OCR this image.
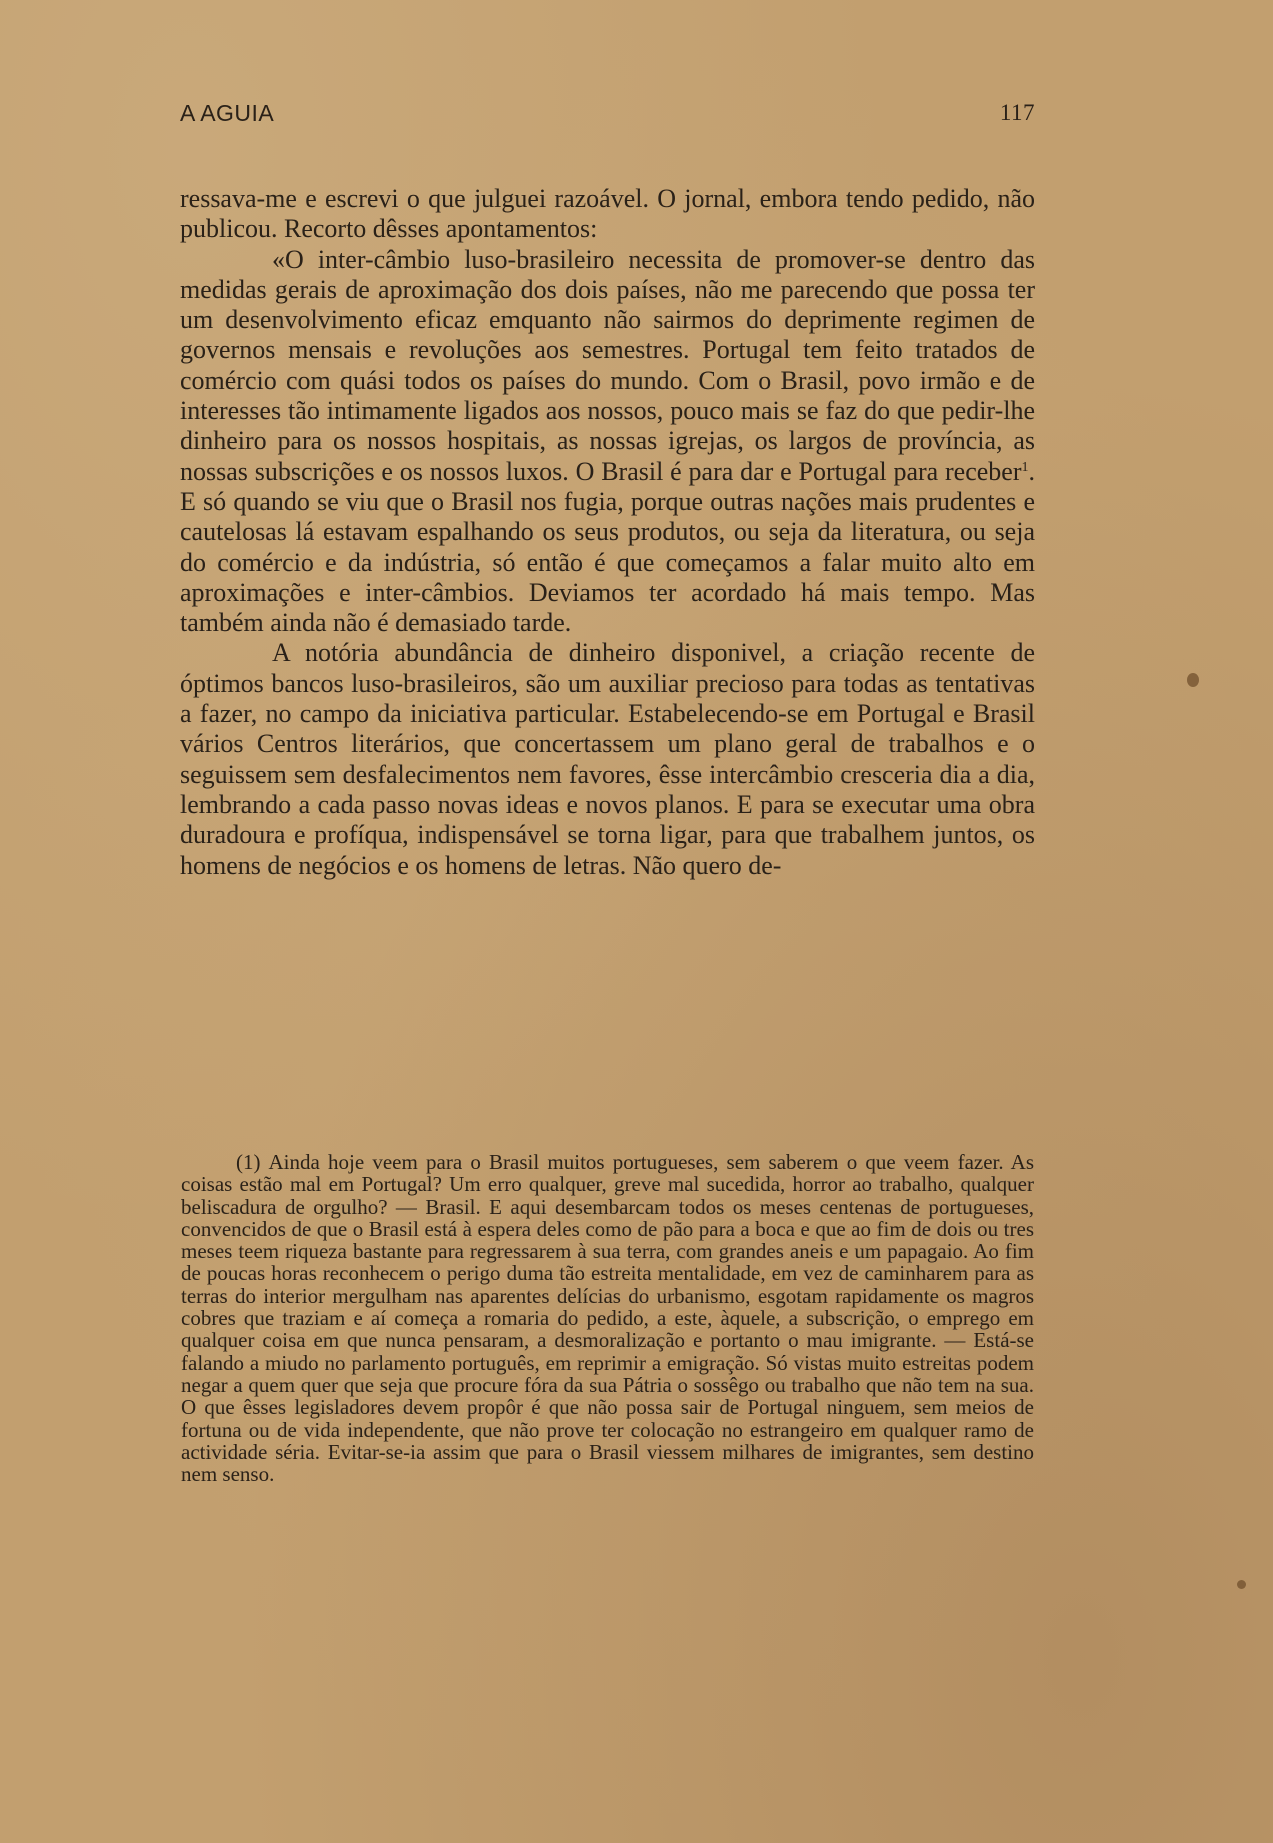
A AGUIA	117

ressava-me e escrevi o que julguei razoável. O jornal, embora tendo pedido, não publicou. Recorto dêsses apontamentos:

«O inter-câmbio luso-brasileiro necessita de promover-se dentro das medidas gerais de aproximação dos dois países, não me parecendo que possa ter um desenvolvimento eficaz emquanto não sairmos do deprimente regimen de governos mensais e revoluções aos semestres. Portugal tem feito tratados de comércio com quási todos os países do mundo. Com o Brasil, povo irmão e de interesses tão intimamente ligados aos nossos, pouco mais se faz do que pedir-lhe dinheiro para os nossos hospitais, as nossas igrejas, os largos de província, as nossas subscrições e os nossos luxos. O Brasil é para dar e Portugal para receber$^1$. E só quando se viu que o Brasil nos fugia, porque outras nações mais prudentes e cautelosas lá estavam espalhando os seus produtos, ou seja da literatura, ou seja do comércio e da indústria, só então é que começamos a falar muito alto em aproximações e inter-câmbios. Deviamos ter acordado há mais tempo. Mas também ainda não é demasiado tarde.

A notória abundância de dinheiro disponivel, a criação recente de óptimos bancos luso-brasileiros, são um auxiliar precioso para todas as tentativas a fazer, no campo da iniciativa particular. Estabelecendo-se em Portugal e Brasil vários Centros literários, que concertassem um plano geral de trabalhos e o seguissem sem desfalecimentos nem favores, êsse intercâmbio cresceria dia a dia, lembrando a cada passo novas ideas e novos planos. E para se executar uma obra duradoura e profíqua, indispensável se torna ligar, para que trabalhem juntos, os homens de negócios e os homens de letras. Não quero de-

(1) Ainda hoje veem para o Brasil muitos portugueses, sem saberem o que veem fazer. As coisas estão mal em Portugal? Um erro qualquer, greve mal sucedida, horror ao trabalho, qualquer beliscadura de orgulho? — Brasil. E aqui desembarcam todos os meses centenas de portugueses, convencidos de que o Brasil está à espera deles como de pão para a boca e que ao fim de dois ou tres meses teem riqueza bastante para regressarem à sua terra, com grandes aneis e um papagaio. Ao fim de poucas horas reconhecem o perigo duma tão estreita mentalidade, em vez de caminharem para as terras do interior mergulham nas aparentes delícias do urbanismo, esgotam rapidamente os magros cobres que traziam e aí começa a romaria do pedido, a este, àquele, a subscrição, o emprego em qualquer coisa em que nunca pensaram, a desmoralização e portanto o mau imigrante. — Está-se falando a miudo no parlamento português, em reprimir a emigração. Só vistas muito estreitas podem negar a quem quer que seja que procure fóra da sua Pátria o sossêgo ou trabalho que não tem na sua. O que êsses legisladores devem propôr é que não possa sair de Portugal ninguem, sem meios de fortuna ou de vida independente, que não prove ter colocação no estrangeiro em qualquer ramo de actividade séria. Evitar-se-ia assim que para o Brasil viessem milhares de imigrantes, sem destino nem senso.
